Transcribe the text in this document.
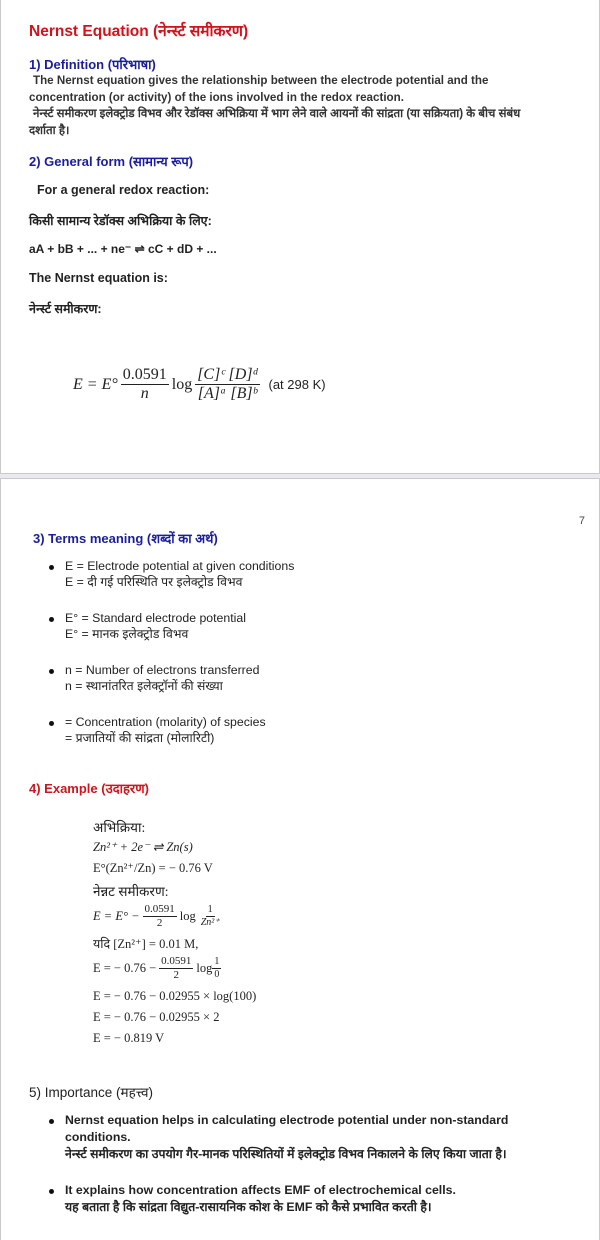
Nernst Equation (नेर्न्स्ट समीकरण)
1) Definition (परिभाषा)
The Nernst equation gives the relationship between the electrode potential and the
concentration (or activity) of the ions involved in the redox reaction.
नेर्न्स्ट समीकरण इलेक्ट्रोड विभव और रेडॉक्स अभिक्रिया में भाग लेने वाले आयनों की सांद्रता (या सक्रियता) के बीच संबंध
दर्शाता है।
2) General form (सामान्य रूप)
For a general redox reaction:
किसी सामान्य रेडॉक्स अभिक्रिया के लिए:
aA + bB + ... + ne⁻ ⇌ cC + dD + ...
The Nernst equation is:
नेर्न्स्ट समीकरण:
$E = E^\circ \frac{0.0591}{n}$ $\log \frac{\text{[C]ᶜ [D]ᵈ}}{\text{[A]ᵃ [B]ᵇ}} (at$ 298 K)
7
3) Terms meaning (शब्दों का अर्थ)
E = Electrode potential at given conditions
E = दी गई परिस्थिति पर इलेक्ट्रोड विभव
E° = Standard electrode potential
E° = मानक इलेक्ट्रोड विभव
n = Number of electrons transferred
n = स्थानांतरित इलेक्ट्रॉनों की संख्या
= Concentration (molarity) of species
= प्रजातियों की सांद्रता (मोलारिटी)
4) Example (उदाहरण)
अभिक्रिया:
Zn²⁺ + 2e⁻ ⇌ Zn(s)
E°(Zn²⁺/Zn) = − 0.76 V
नेन्नट समीकरण:
$E = E^\circ - \frac{0.0591}{2}$ $\log \frac{1}{\text{Zn²⁺}}$
यदि [Zn²⁺] = 0.01 M,
E = − $0.76 - \frac{0.0591}{2}$ $\log \frac{1}{0}$
E = − 0.76 − 0.02955 × log(100)
E = − 0.76 − 0.02955 × 2
E = − 0.819 V
5) Importance (महत्त्व)
Nernst equation helps in calculating electrode potential under non-standard
conditions.
नेर्न्स्ट समीकरण का उपयोग गैर-मानक परिस्थितियों में इलेक्ट्रोड विभव निकालने के लिए किया जाता है।
It explains how concentration affects EMF of electrochemical cells.
यह बताता है कि सांद्रता विद्युत-रासायनिक कोश के EMF को कैसे प्रभावित करती है।
